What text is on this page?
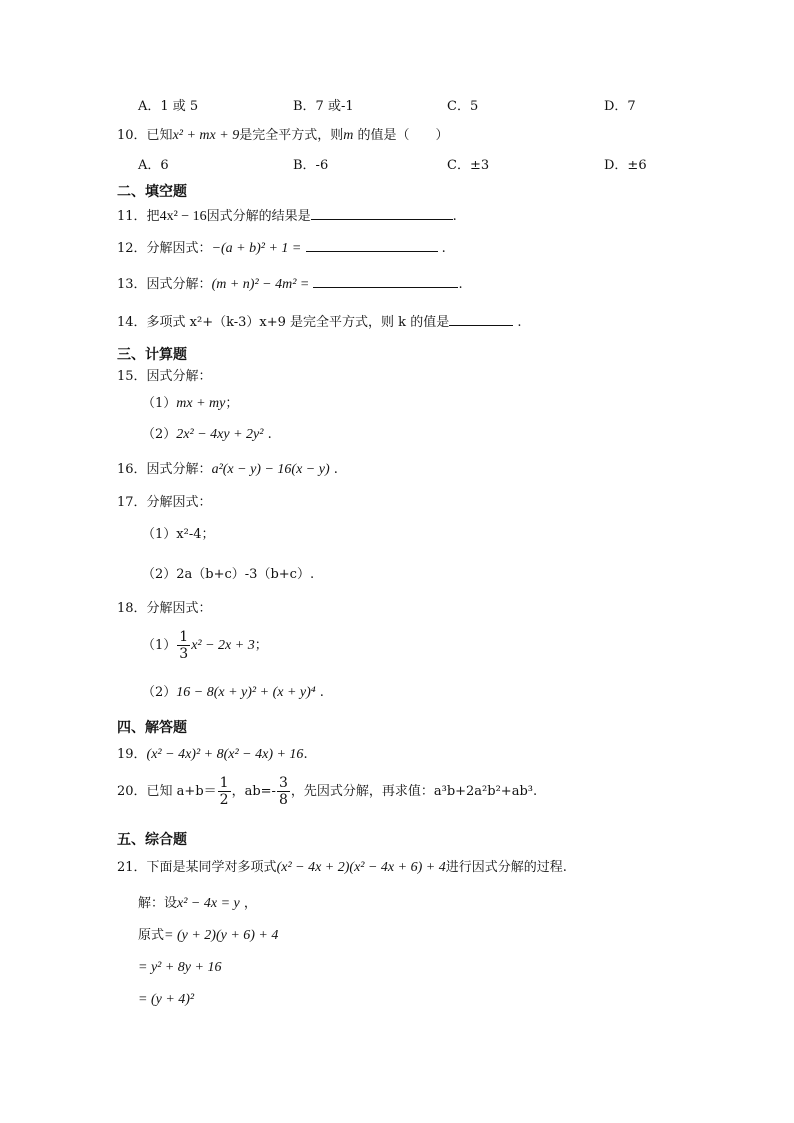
A．1 或 5	B．7 或-1	C．5	D．7
10．已知x² + mx + 9是完全平方式，则m 的值是（　　）
A．6	B．-6	C．±3	D．±6
二、填空题
11．把4x² − 16因式分解的结果是	.
12．分解因式：−(a + b)² + 1 =	.
13．因式分解：(m + n)² − 4m² =	.
14．多项式 x²+（k-3）x+9 是完全平方式，则 k 的值是	.
三、计算题
15．因式分解：
（1）mx + my；
（2）2x² − 4xy + 2y² .
16．因式分解：a²(x − y) − 16(x − y) .
17．分解因式：
（1）x²-4；
（2）2a（b+c）-3（b+c）.
18．分解因式：
$(1) \frac{1}{3} x^2 - 2x + 3$；
（2）16 − 8(x + y)² + (x + y)⁴ .
四、解答题
19．(x² − 4x)² + 8(x² − 4x) + 16.
20．已知 $a+b= \frac{1}{2}$ ，$ab=- \frac{3}{8}$ ，先因式分解，再求值：a³b+2a²b²+ab³.
五、综合题
21．下面是某同学对多项式(x² − 4x + 2)(x² − 4x + 6) + 4进行因式分解的过程.
解：设x² − 4x = y ，
原式= (y + 2)(y + 6) + 4
= y² + 8y + 16
= (y + 4)²
